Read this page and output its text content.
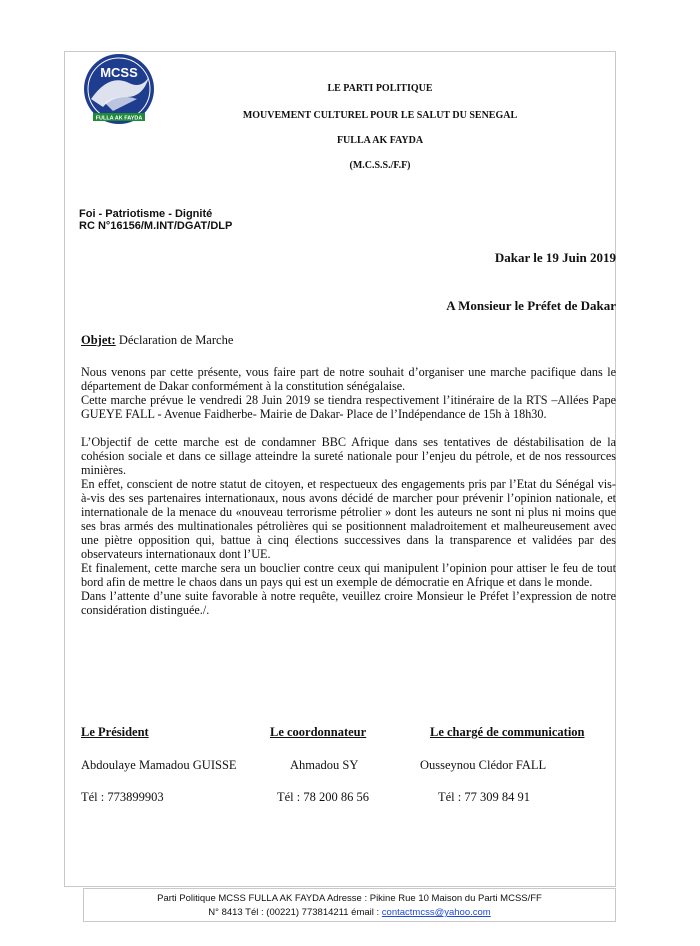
MCSS
FULLA AK FAYDA
LE PARTI POLITIQUE
MOUVEMENT CULTUREL POUR LE SALUT DU SENEGAL
FULLA AK FAYDA
(M.C.S.S./F.F)
Foi - Patriotisme - Dignité
RC N°16156/M.INT/DGAT/DLP
Dakar le 19 Juin 2019
A Monsieur le Préfet de Dakar
Objet: Déclaration de Marche

Nous venons par cette présente, vous faire part de notre souhait d’organiser une marche pacifique dans le département de Dakar conformément à la constitution sénégalaise.

Cette marche prévue le vendredi 28 Juin 2019 se tiendra respectivement l’itinéraire de la RTS –Allées Pape GUEYE FALL - Avenue Faidherbe- Mairie de Dakar- Place de l’Indépendance de 15h à 18h30.

L’Objectif de cette marche est de condamner BBC Afrique dans ses tentatives de déstabilisation de la cohésion sociale et dans ce sillage atteindre la sureté nationale pour l’enjeu du pétrole, et de nos ressources minières.

En effet, conscient de notre statut de citoyen, et respectueux des engagements pris par l’Etat du Sénégal vis-à-vis des ses partenaires internationaux, nous avons décidé de marcher pour prévenir l’opinion nationale, et internationale de la menace du «nouveau terrorisme pétrolier » dont les auteurs ne sont ni plus ni moins que ses bras armés des multinationales pétrolières qui se positionnent maladroitement et malheureusement avec une piètre opposition qui, battue à cinq élections successives dans la transparence et validées par des observateurs internationaux dont l’UE.

Et finalement, cette marche sera un bouclier contre ceux qui manipulent l’opinion pour attiser le feu de tout bord afin de mettre le chaos dans un pays qui est un exemple de démocratie en Afrique et dans le monde.

Dans l’attente d’une suite favorable à notre requête, veuillez croire Monsieur le Préfet l’expression de notre considération distinguée./.

Le Président	Le coordonnateur	Le chargé de communication
Abdoulaye Mamadou GUISSE	Ahmadou SY	Ousseynou Clédor FALL
Tél : 773899903	Tél : 78 200 86 56	Tél : 77 309 84 91
Parti Politique MCSS FULLA AK FAYDA Adresse : Pikine Rue 10 Maison du Parti MCSS/FF
N° 8413 Tél : (00221) 773814211 émail : contactmcss@yahoo.com
